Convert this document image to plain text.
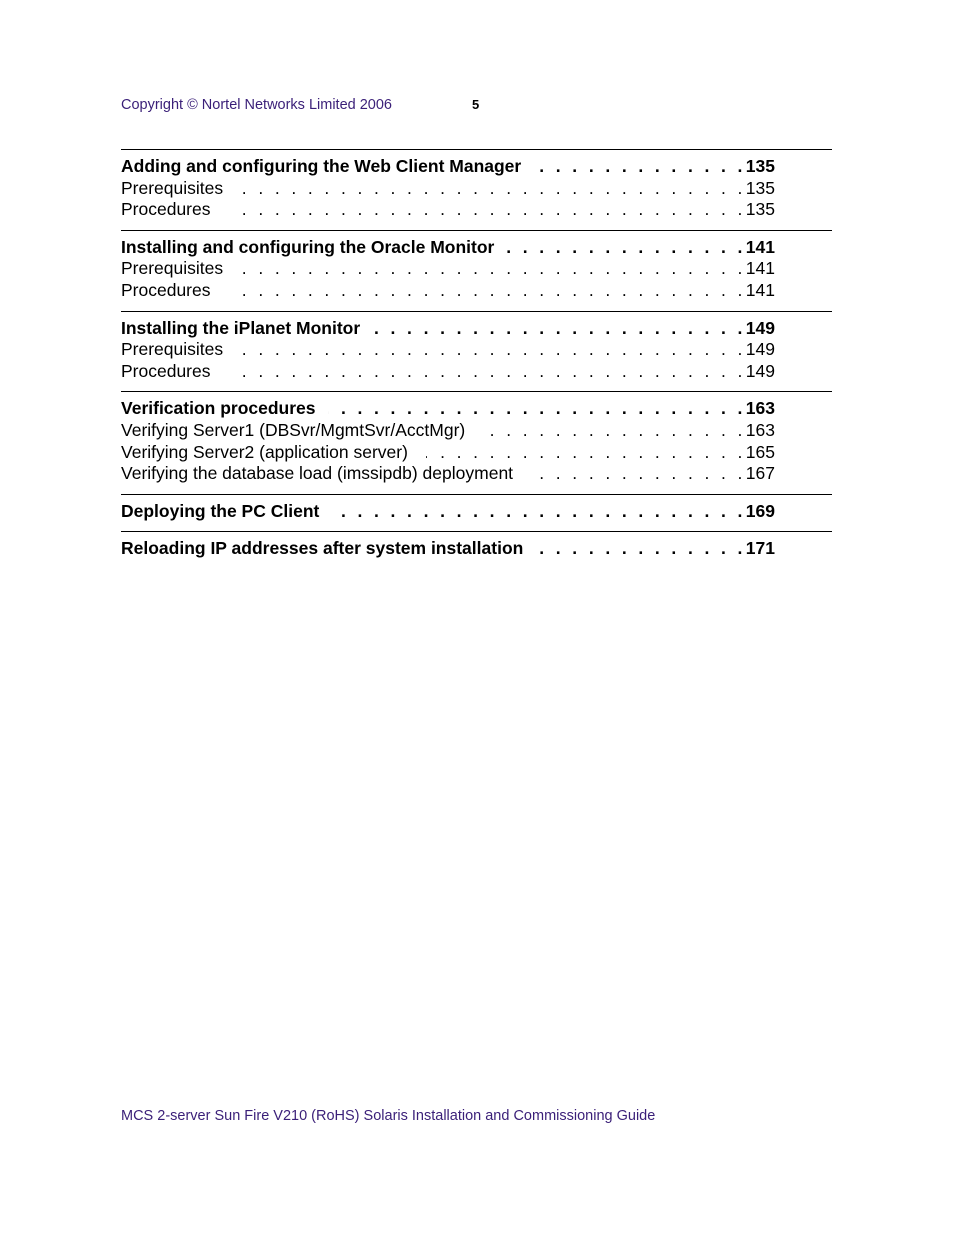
Copyright © Nortel Networks Limited 2006	5
Adding and configuring the Web Client Manager . . .	135
Prerequisites . . .	135
Procedures . . .	135
Installing and configuring the Oracle Monitor . . .	141
Prerequisites . . .	141
Procedures . . .	141
Installing the iPlanet Monitor . . .	149
Prerequisites . . .	149
Procedures . . .	149
Verification procedures . . .	163
Verifying Server1 (DBSvr/MgmtSvr/AcctMgr) . . .	163
Verifying Server2 (application server) . . .	165
Verifying the database load (imssipdb) deployment . . .	167
Deploying the PC Client . . .	169
Reloading IP addresses after system installation . . .	171
MCS 2-server Sun Fire V210 (RoHS) Solaris Installation and Commissioning Guide
